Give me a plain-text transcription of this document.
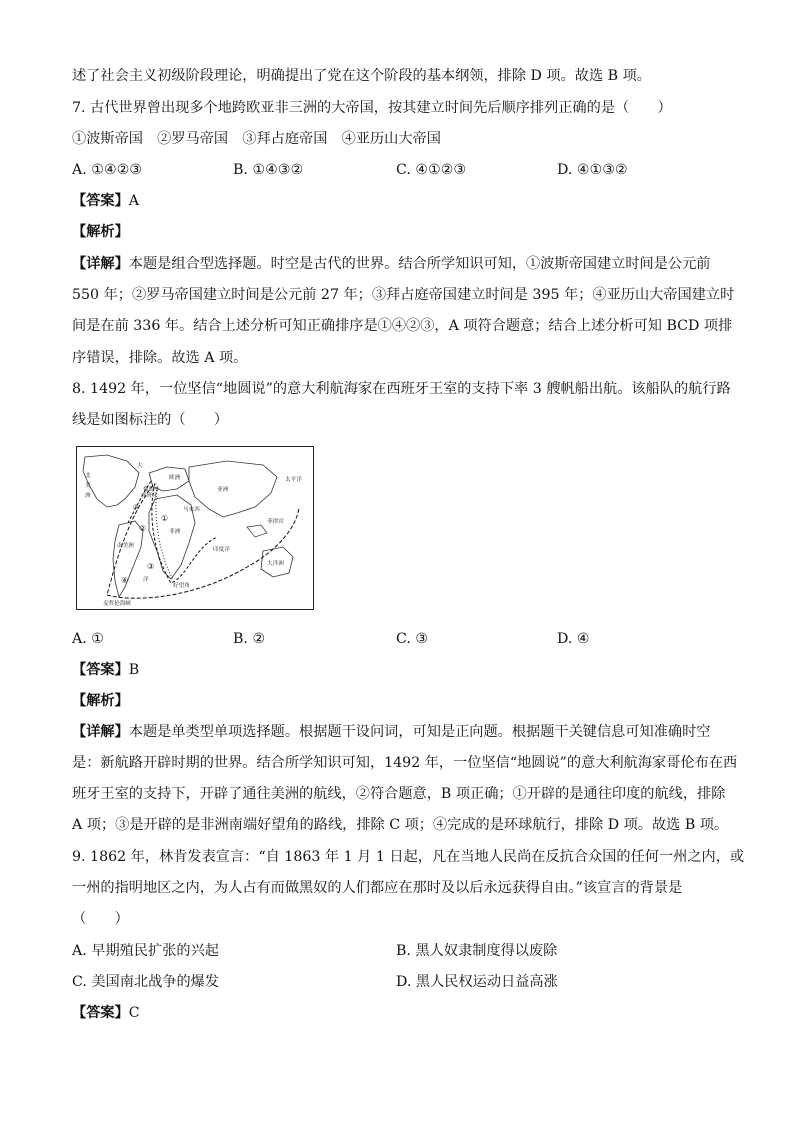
述了社会主义初级阶段理论，明确提出了党在这个阶段的基本纲领，排除 D 项。故选 B 项。
7. 古代世界曾出现多个地跨欧亚非三洲的大帝国，按其建立时间先后顺序排列正确的是（　　）
①波斯帝国　②罗马帝国　③拜占庭帝国　④亚历山大帝国
A. ①④②③	B. ①④③②	C. ④①②③	D. ④①③②
【答案】A
【解析】
【详解】本题是组合型选择题。时空是古代的世界。结合所学知识可知，①波斯帝国建立时间是公元前
550 年；②罗马帝国建立时间是公元前 27 年；③拜占庭帝国建立时间是 395 年；④亚历山大帝国建立时
间是在前 336 年。结合上述分析可知正确排序是①④②③，A 项符合题意；结合上述分析可知 BCD 项排
序错误，排除。故选 A 项。
8. 1492 年，一位坚信“地圆说”的意大利航海家在西班牙王室的支持下率 3 艘帆船出航。该船队的航行路
线是如图标注的（　　）
北
美
洲
大
欧洲
亚洲
太平洋
非洲
西
南美洲
洋
印度洋
大洋洲
好望角
麦哲伦海峡
马来西
菲律宾
葡萄牙
西班牙
①
②
③
④
A. ①	B. ②	C. ③	D. ④
【答案】B
【解析】
【详解】本题是单类型单项选择题。根据题干设问词，可知是正向题。根据题干关键信息可知准确时空
是：新航路开辟时期的世界。结合所学知识可知，1492 年，一位坚信“地圆说”的意大利航海家哥伦布在西
班牙王室的支持下，开辟了通往美洲的航线，②符合题意，B 项正确；①开辟的是通往印度的航线，排除
A 项；③是开辟的是非洲南端好望角的路线，排除 C 项；④完成的是环球航行，排除 D 项。故选 B 项。
9. 1862 年，林肯发表宣言：“自 1863 年 1 月 1 日起，凡在当地人民尚在反抗合众国的任何一州之内，或
一州的指明地区之内，为人占有而做黑奴的人们都应在那时及以后永远获得自由。”该宣言的背景是
（　　）
A. 早期殖民扩张的兴起	B. 黑人奴隶制度得以废除
C. 美国南北战争的爆发	D. 黑人民权运动日益高涨
【答案】C
